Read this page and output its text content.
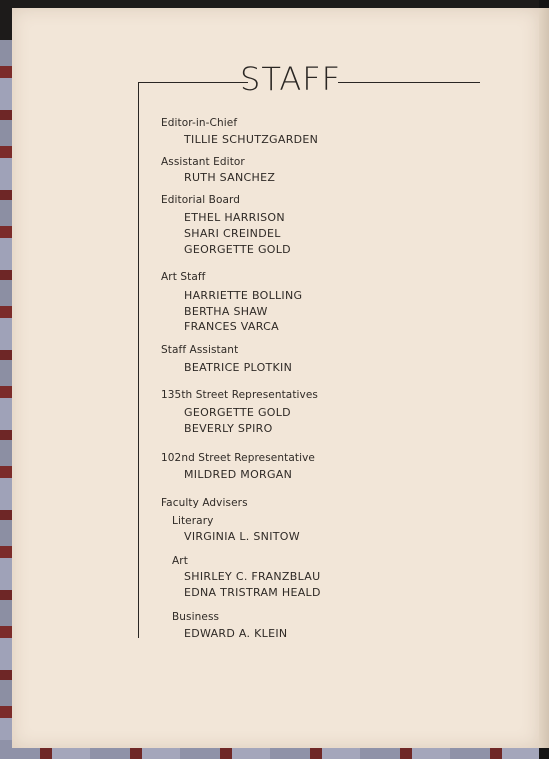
STAFF
Editor-in-Chief
TILLIE SCHUTZGARDEN
Assistant Editor
RUTH SANCHEZ
Editorial Board
ETHEL HARRISON
SHARI CREINDEL
GEORGETTE GOLD
Art Staff
HARRIETTE BOLLING
BERTHA SHAW
FRANCES VARCA
Staff Assistant
BEATRICE PLOTKIN
135th Street Representatives
GEORGETTE GOLD
BEVERLY SPIRO
102nd Street Representative
MILDRED MORGAN
Faculty Advisers
Literary
VIRGINIA L. SNITOW
Art
SHIRLEY C. FRANZBLAU
EDNA TRISTRAM HEALD
Business
EDWARD A. KLEIN
